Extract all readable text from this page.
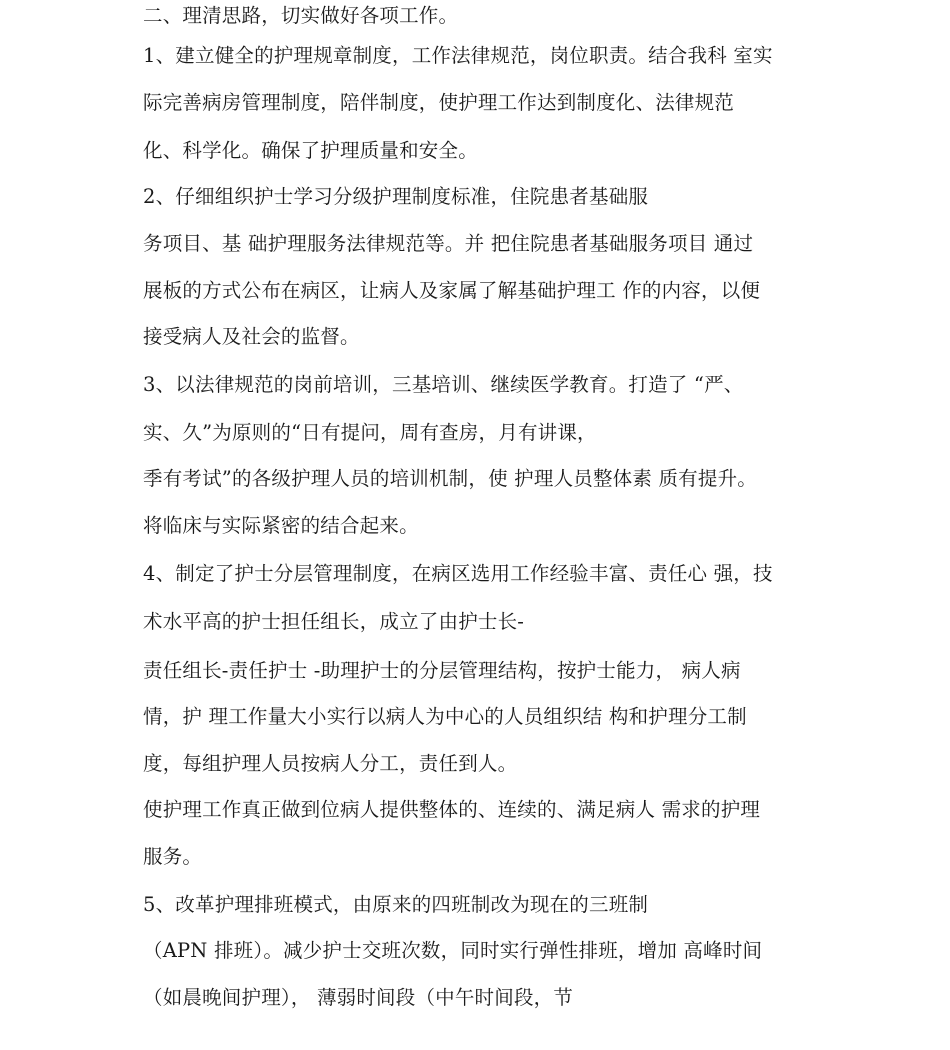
二、理清思路，切实做好各项工作。
1、建立健全的护理规章制度，工作法律规范，岗位职责。结合我科 室实
际完善病房管理制度，陪伴制度，使护理工作达到制度化、法律规范
化、科学化。确保了护理质量和安全。
2、仔细组织护士学习分级护理制度标准，住院患者基础服
务项目、基 础护理服务法律规范等。并 把住院患者基础服务项目 通过
展板的方式公布在病区，让病人及家属了解基础护理工 作的内容，以便
接受病人及社会的监督。
3、以法律规范的岗前培训，三基培训、继续医学教育。打造了 “严、
实、久”为原则的“日有提问，周有查房，月有讲课，
季有考试”的各级护理人员的培训机制，使 护理人员整体素 质有提升。
将临床与实际紧密的结合起来。
4、制定了护士分层管理制度，在病区选用工作经验丰富、责任心 强，技
术水平高的护士担任组长，成立了由护士长-
责任组长-责任护士 -助理护士的分层管理结构，按护士能力， 病人病
情，护 理工作量大小实行以病人为中心的人员组织结 构和护理分工制
度，每组护理人员按病人分工，责任到人。
使护理工作真正做到位病人提供整体的、连续的、满足病人 需求的护理
服务。
5、改革护理排班模式，由原来的四班制改为现在的三班制
（APN 排班）。减少护士交班次数，同时实行弹性排班，增加 高峰时间
（如晨晚间护理）， 薄弱时间段（中午时间段，节
